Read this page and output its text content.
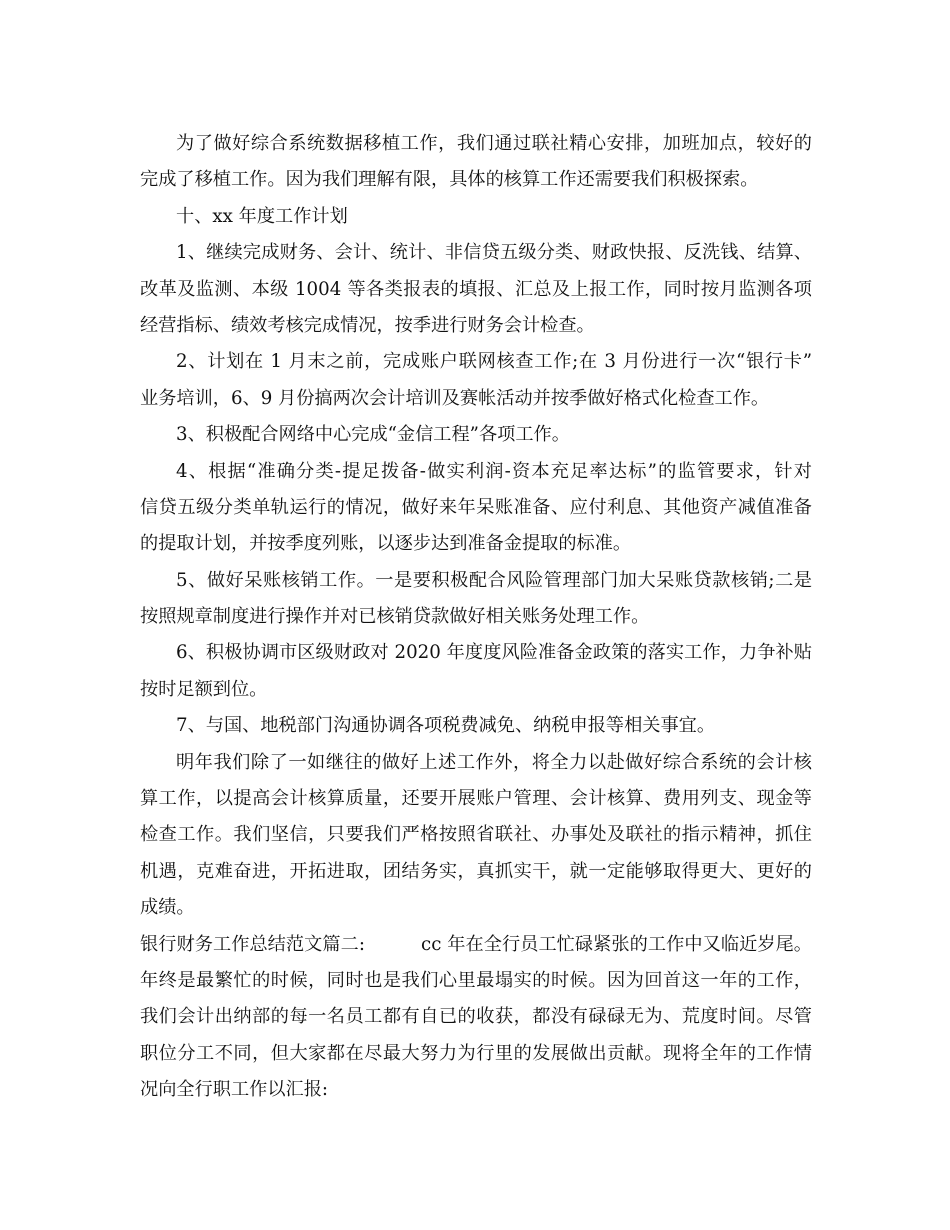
为了做好综合系统数据移植工作，我们通过联社精心安排，加班加点，较好的
完成了移植工作。因为我们理解有限，具体的核算工作还需要我们积极探索。
十、xx 年度工作计划
1、继续完成财务、会计、统计、非信贷五级分类、财政快报、反洗钱、结算、
改革及监测、本级 1004 等各类报表的填报、汇总及上报工作，同时按月监测各项
经营指标、绩效考核完成情况，按季进行财务会计检查。
2、计划在 1 月末之前，完成账户联网核查工作;在 3 月份进行一次“银行卡”
业务培训，6、9 月份搞两次会计培训及赛帐活动并按季做好格式化检查工作。
3、积极配合网络中心完成“金信工程”各项工作。
4、根据“准确分类-提足拨备-做实利润-资本充足率达标”的监管要求，针对
信贷五级分类单轨运行的情况，做好来年呆账准备、应付利息、其他资产减值准备
的提取计划，并按季度列账，以逐步达到准备金提取的标准。
5、做好呆账核销工作。一是要积极配合风险管理部门加大呆账贷款核销;二是
按照规章制度进行操作并对已核销贷款做好相关账务处理工作。
6、积极协调市区级财政对 2020 年度度风险准备金政策的落实工作，力争补贴
按时足额到位。
7、与国、地税部门沟通协调各项税费减免、纳税申报等相关事宜。
明年我们除了一如继往的做好上述工作外，将全力以赴做好综合系统的会计核
算工作，以提高会计核算质量，还要开展账户管理、会计核算、费用列支、现金等
检查工作。我们坚信，只要我们严格按照省联社、办事处及联社的指示精神，抓住
机遇，克难奋进，开拓进取，团结务实，真抓实干，就一定能够取得更大、更好的
成绩。
银行财务工作总结范文篇二:	cc 年在全行员工忙碌紧张的工作中又临近岁尾。
年终是最繁忙的时候，同时也是我们心里最塌实的时候。因为回首这一年的工作，
我们会计出纳部的每一名员工都有自已的收获，都没有碌碌无为、荒度时间。尽管
职位分工不同，但大家都在尽最大努力为行里的发展做出贡献。现将全年的工作情
况向全行职工作以汇报:
